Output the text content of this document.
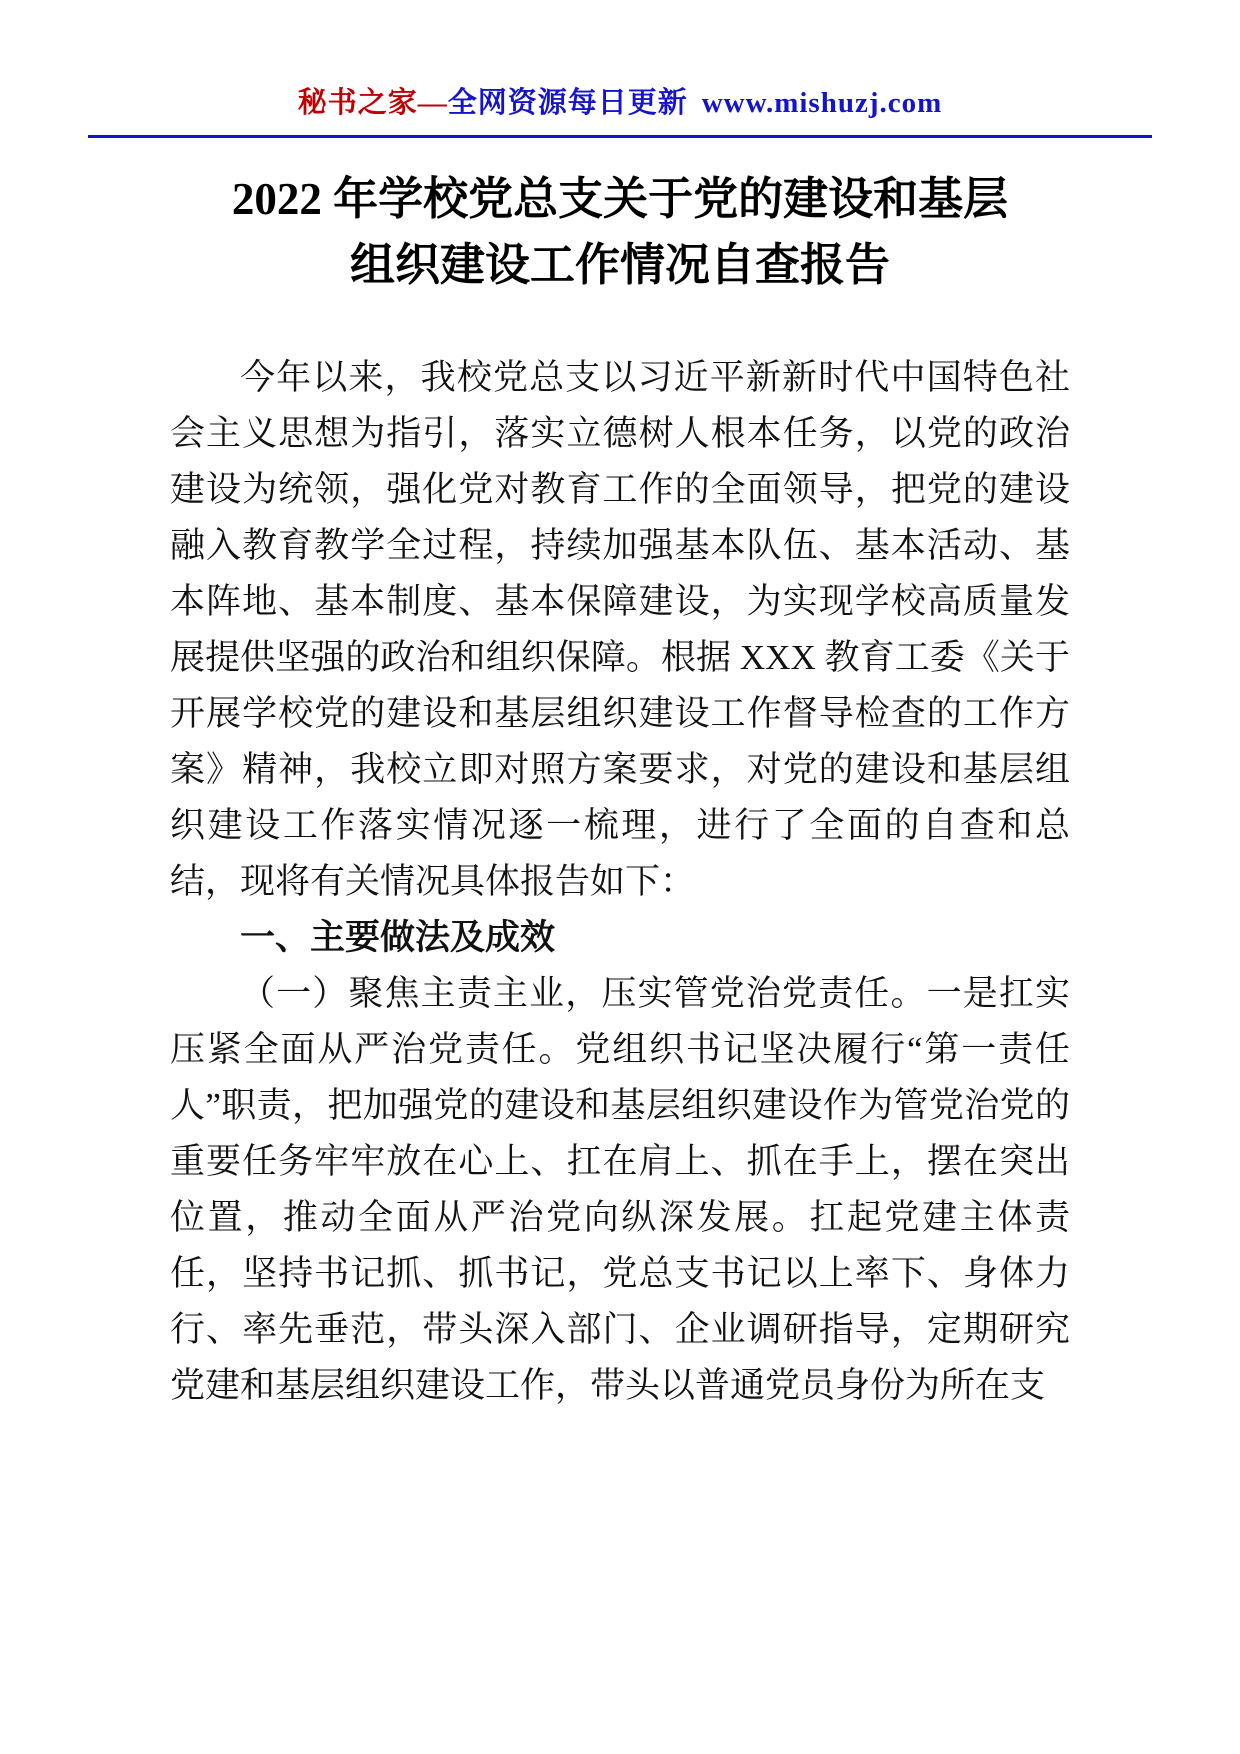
秘书之家—全网资源每日更新 www.mishuzj.com
2022 年学校党总支关于党的建设和基层
组织建设工作情况自查报告

今年以来，我校党总支以习近平新新时代中国特色社会主义思想为指引，落实立德树人根本任务，以党的政治建设为统领，强化党对教育工作的全面领导，把党的建设融入教育教学全过程，持续加强基本队伍、基本活动、基本阵地、基本制度、基本保障建设，为实现学校高质量发展提供坚强的政治和组织保障。根据 XXX 教育工委《关于开展学校党的建设和基层组织建设工作督导检查的工作方案》精神，我校立即对照方案要求，对党的建设和基层组织建设工作落实情况逐一梳理，进行了全面的自查和总结，现将有关情况具体报告如下：

一、主要做法及成效

（一）聚焦主责主业，压实管党治党责任。一是扛实压紧全面从严治党责任。党组织书记坚决履行“第一责任人”职责，把加强党的建设和基层组织建设作为管党治党的重要任务牢牢放在心上、扛在肩上、抓在手上，摆在突出位置，推动全面从严治党向纵深发展。扛起党建主体责任，坚持书记抓、抓书记，党总支书记以上率下、身体力行、率先垂范，带头深入部门、企业调研指导，定期研究党建和基层组织建设工作，带头以普通党员身份为所在支
